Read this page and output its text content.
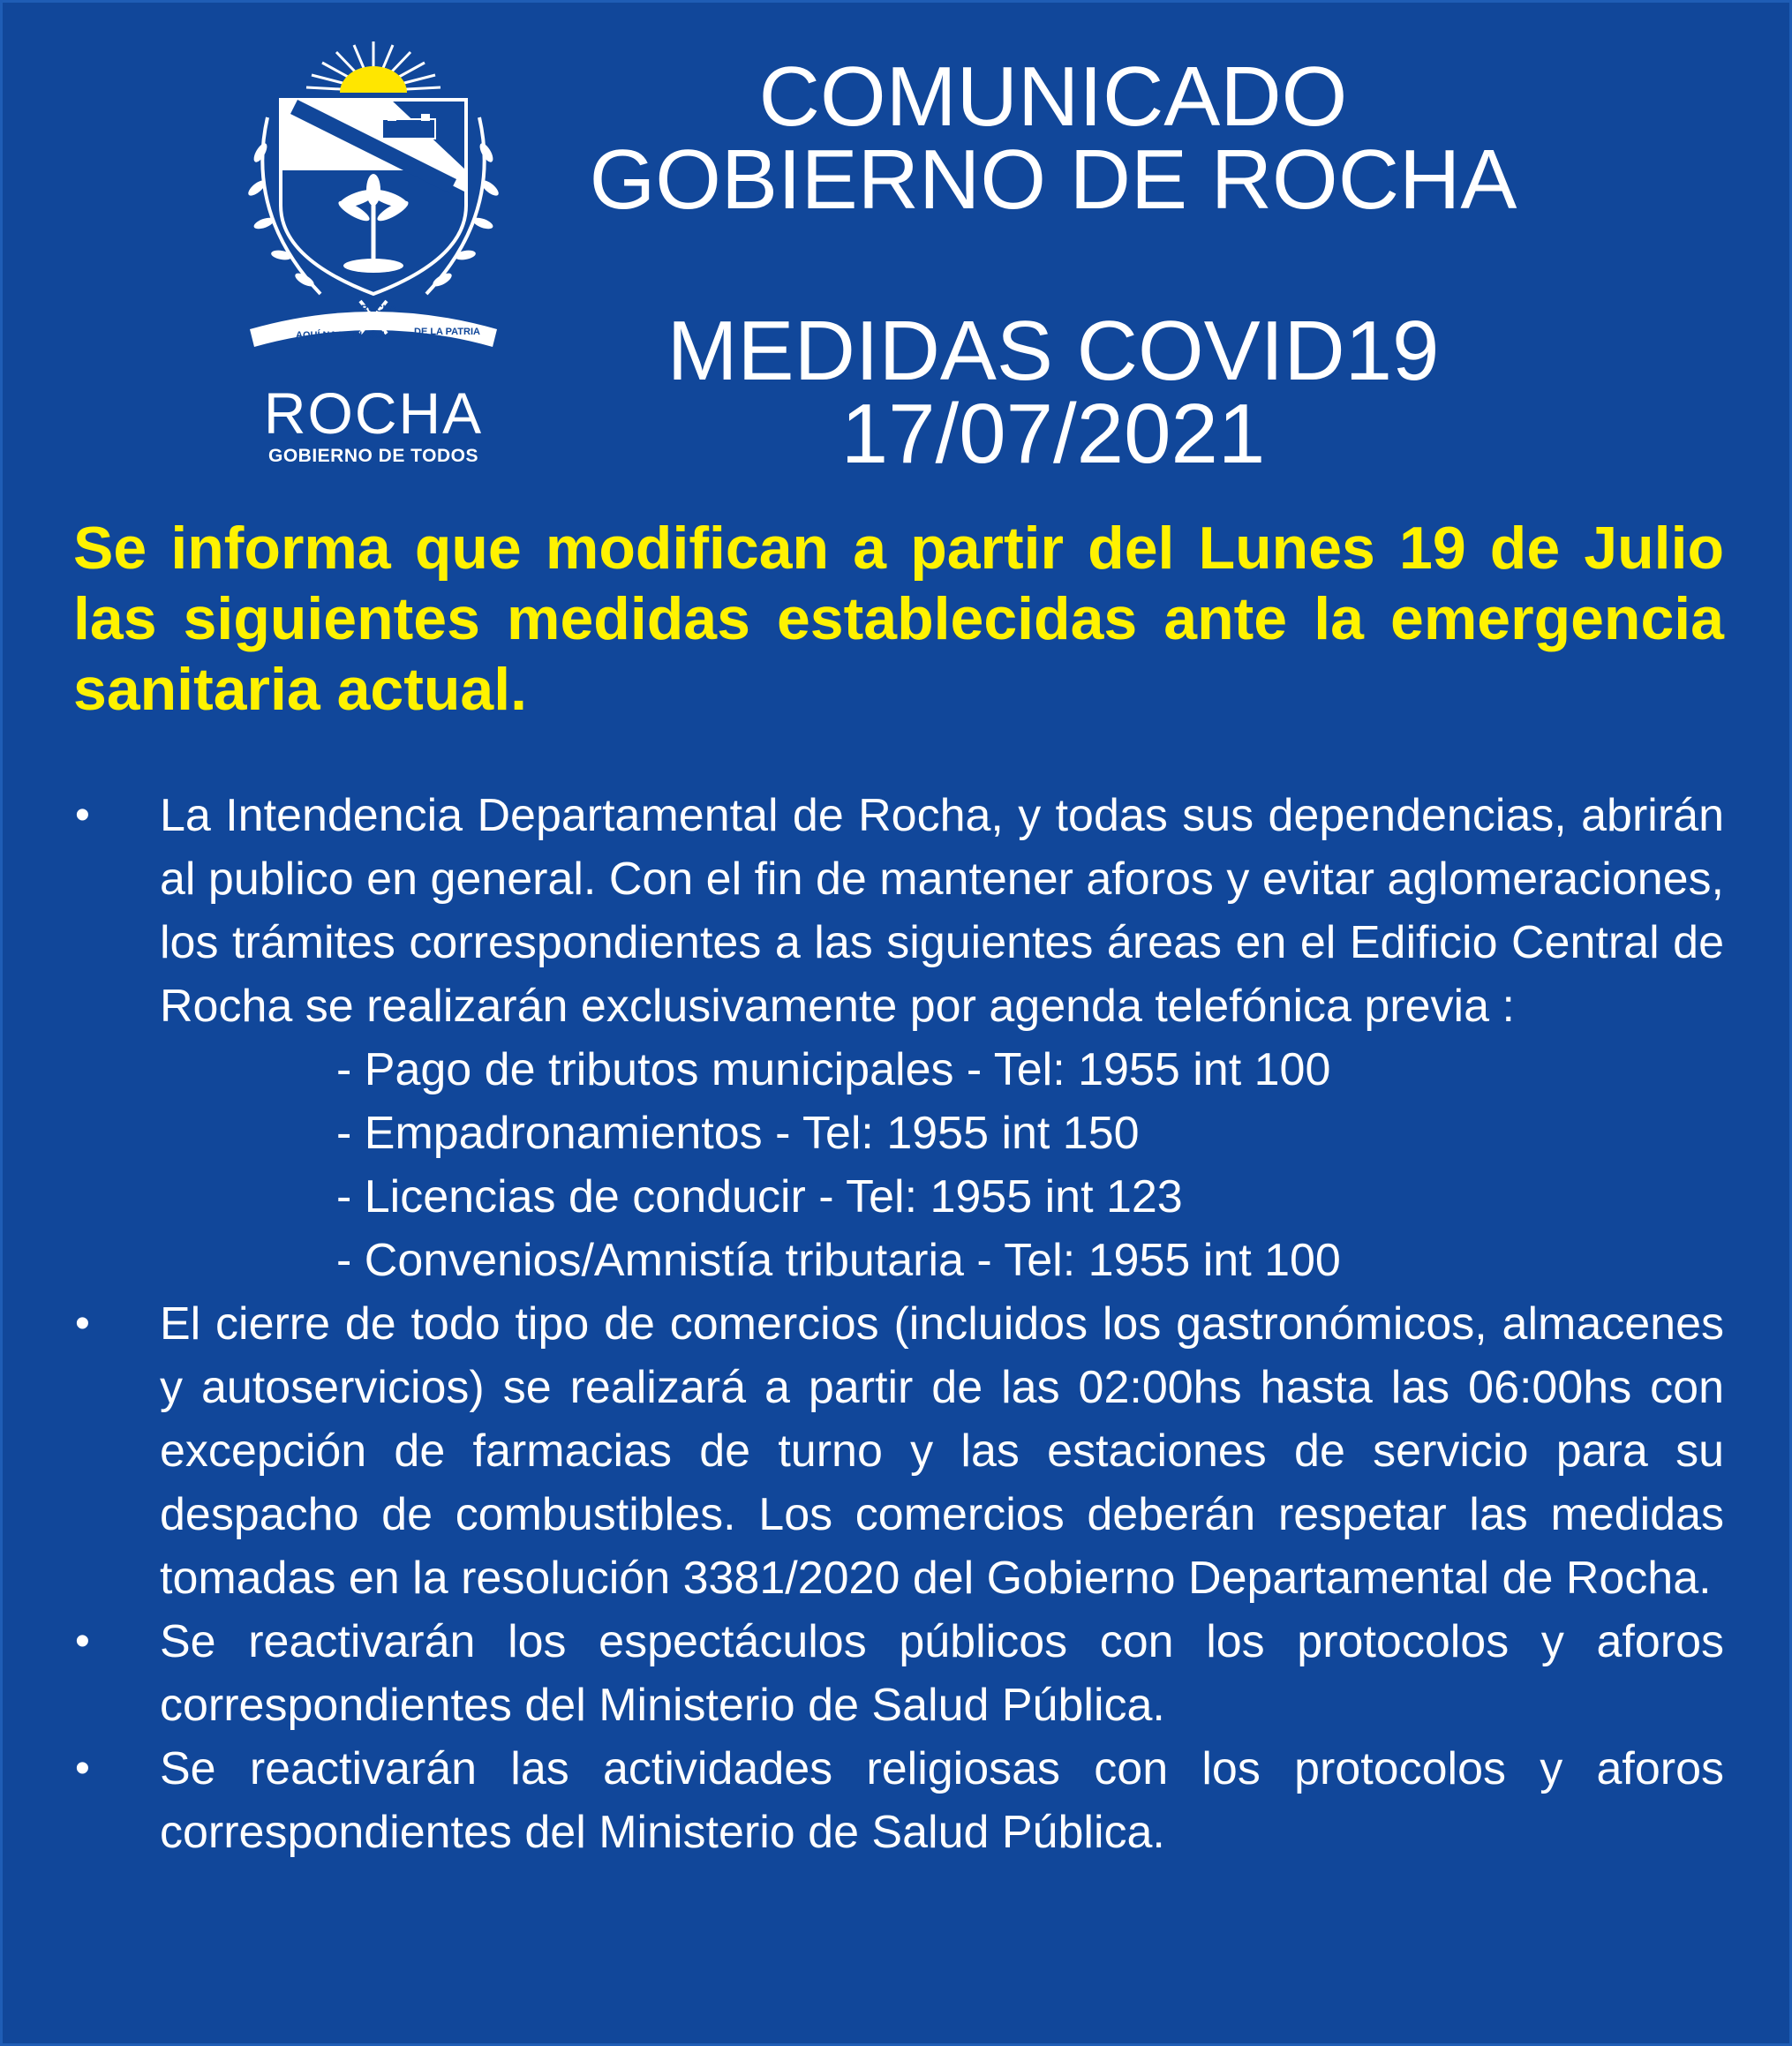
AQUÍ NACE EL SOL
ROCHA
DE LA PATRIA
ROCHA
GOBIERNO DE TODOS
COMUNICADO
GOBIERNO DE ROCHA
MEDIDAS COVID19
17/07/2021
Se informa que modifican a partir del Lunes 19 de Julio las siguientes medidas establecidas ante la emergencia sanitaria actual.
•	La Intendencia Departamental de Rocha, y todas sus dependencias, abrirán al publico en general. Con el fin de mantener aforos y evitar aglomeraciones, los trámites correspondientes a las siguientes áreas en el Edificio Central de Rocha se realizarán exclusivamente por agenda telefónica previa :

- Pago de tributos municipales - Tel: 1955 int 100
- Empadronamientos - Tel: 1955 int 150
- Licencias de conducir - Tel: 1955 int 123
- Convenios/Amnistía tributaria - Tel: 1955 int 100
•	El cierre de todo tipo de comercios (incluidos los gastronómicos, almacenes y autoservicios) se realizará a partir de las 02:00hs hasta las 06:00hs con excepción de farmacias de turno y las estaciones de servicio para su despacho de combustibles. Los comercios deberán respetar las medidas tomadas en la resolución 3381/2020 del Gobierno Departamental de Rocha.

•	Se reactivarán los espectáculos públicos con los protocolos y aforos correspondientes del Ministerio de Salud Pública.

•	Se reactivarán las actividades religiosas con los protocolos y aforos correspondientes del Ministerio de Salud Pública.
